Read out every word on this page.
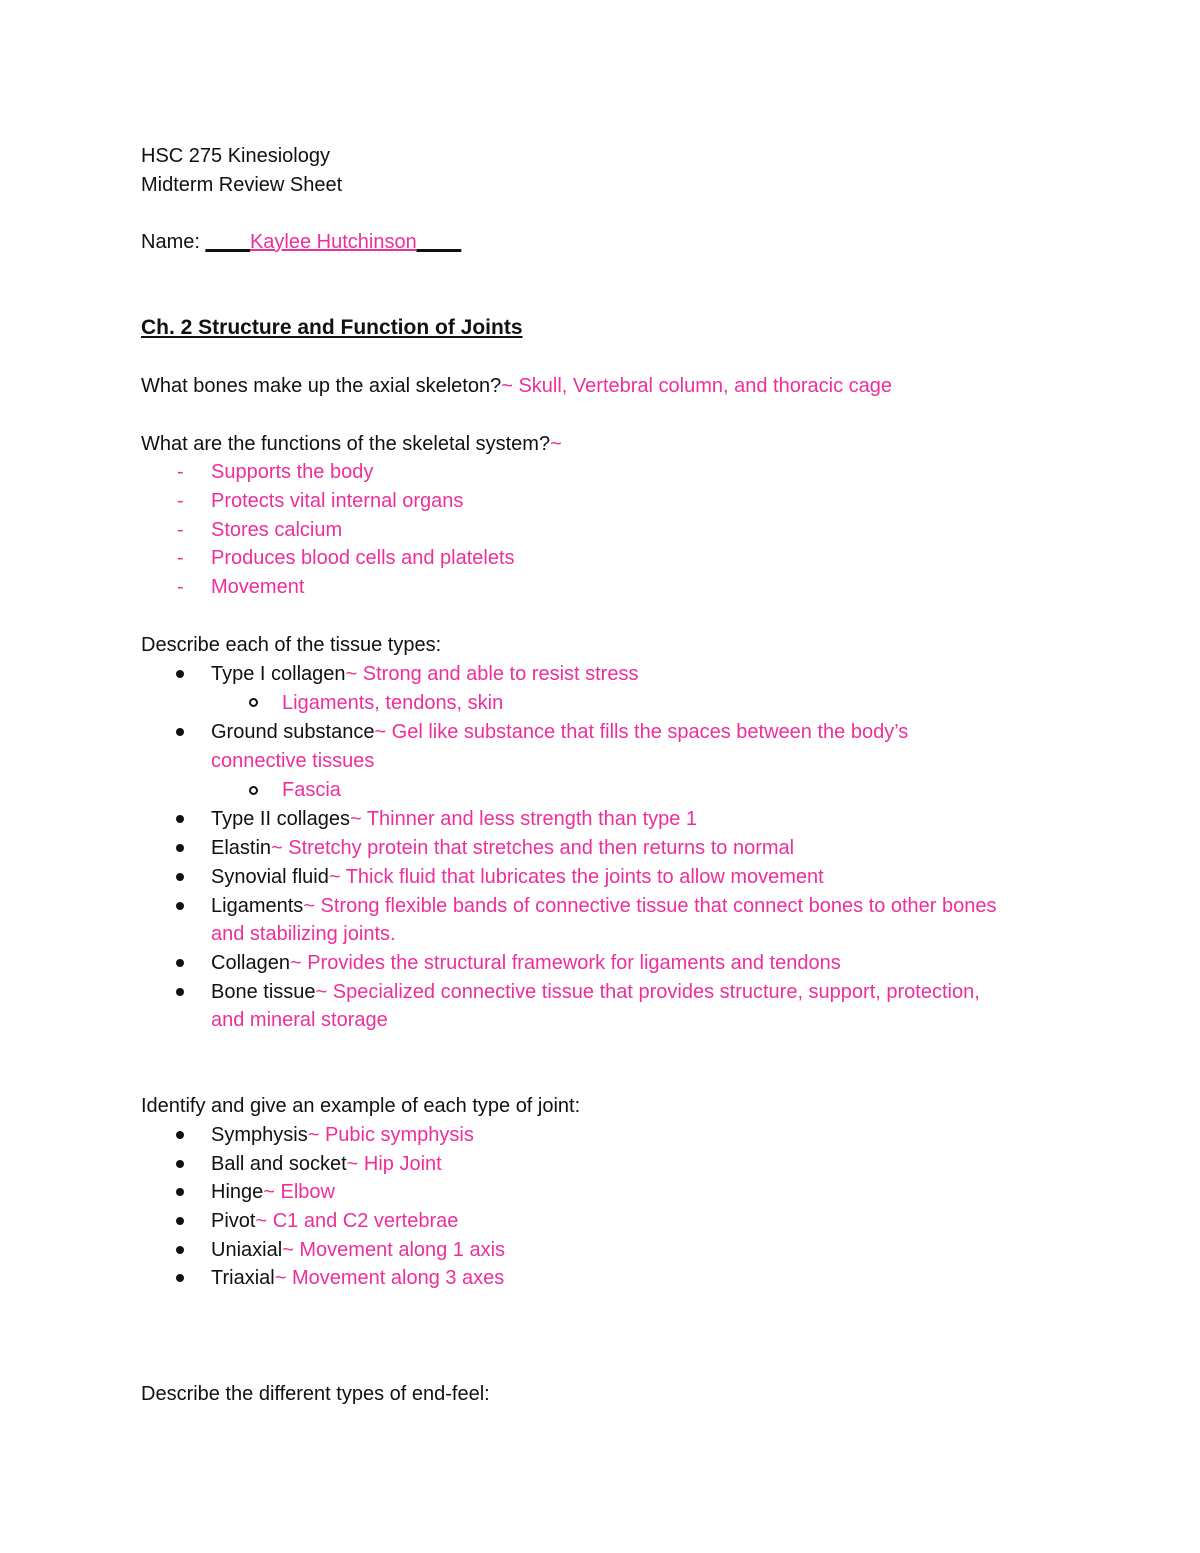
HSC 275 Kinesiology
Midterm Review Sheet
Name: ____Kaylee Hutchinson____
Ch. 2 Structure and Function of Joints
What bones make up the axial skeleton?~ Skull, Vertebral column, and thoracic cage
What are the functions of the skeletal system?~
- Supports the body
- Protects vital internal organs
- Stores calcium
- Produces blood cells and platelets
- Movement
Describe each of the tissue types:
Type I collagen~ Strong and able to resist stress
Ligaments, tendons, skin
Ground substance~ Gel like substance that fills the spaces between the body’s
connective tissues
Fascia
Type II collages~ Thinner and less strength than type 1
Elastin~ Stretchy protein that stretches and then returns to normal
Synovial fluid~ Thick fluid that lubricates the joints to allow movement
Ligaments~ Strong flexible bands of connective tissue that connect bones to other bones
and stabilizing joints.
Collagen~ Provides the structural framework for ligaments and tendons
Bone tissue~ Specialized connective tissue that provides structure, support, protection,
and mineral storage
Identify and give an example of each type of joint:
Symphysis~ Pubic symphysis
Ball and socket~ Hip Joint
Hinge~ Elbow
Pivot~ C1 and C2 vertebrae
Uniaxial~ Movement along 1 axis
Triaxial~ Movement along 3 axes
Describe the different types of end-feel:
